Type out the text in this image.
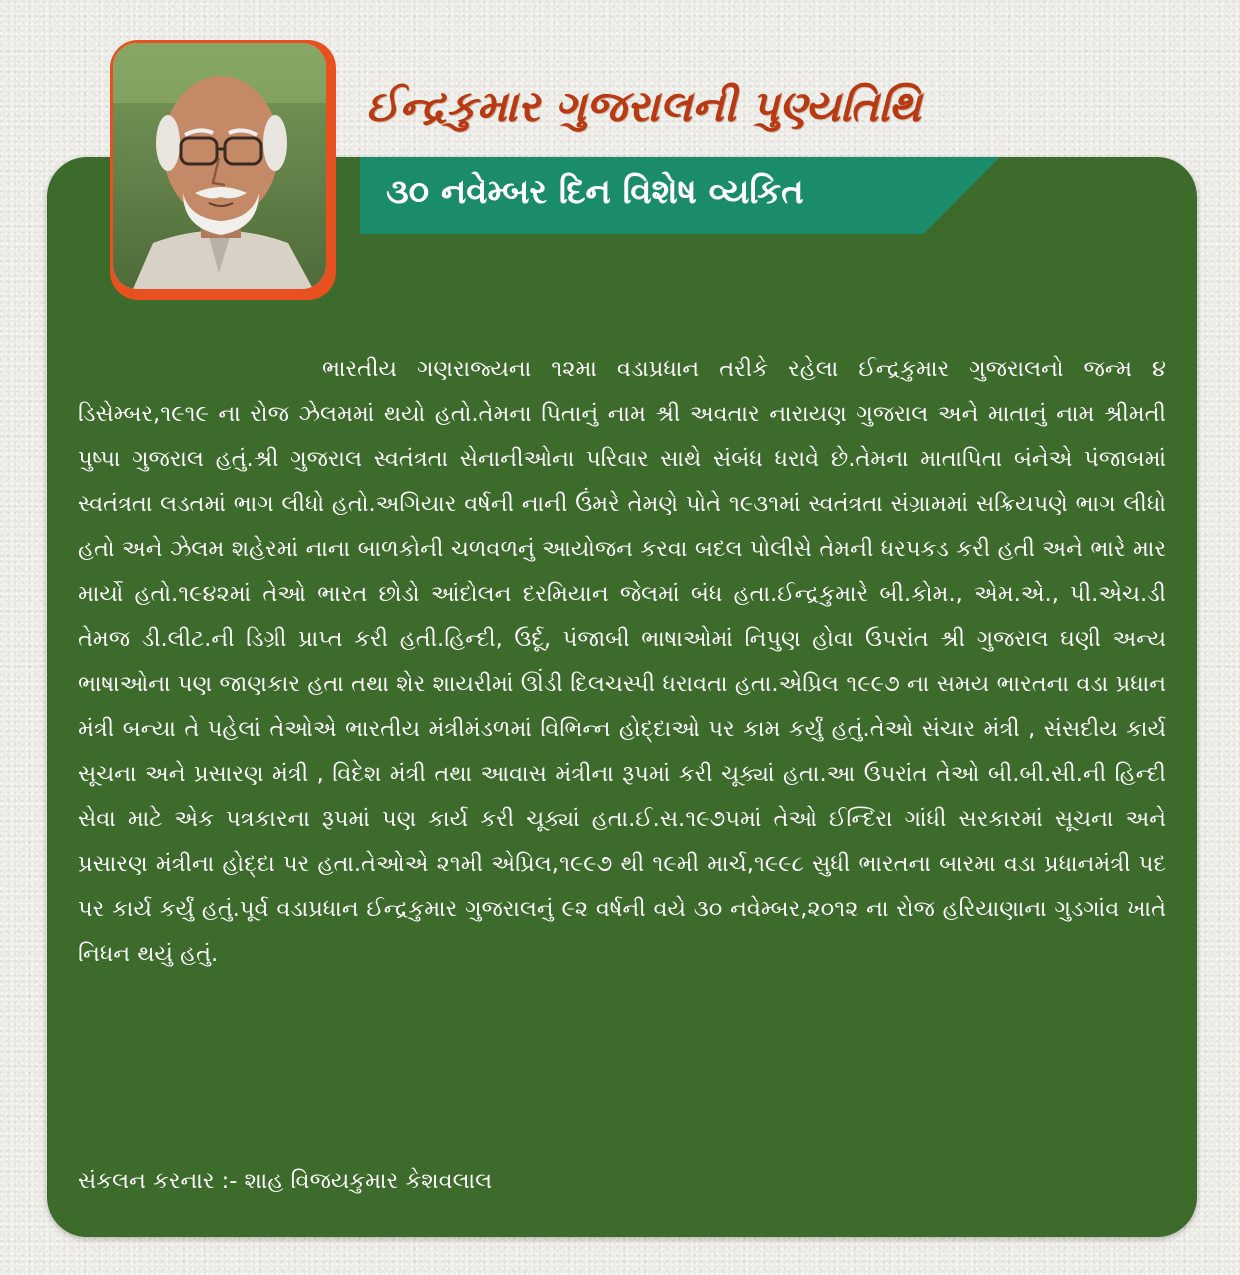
ઈન્દ્રકુમાર ગુજરાલની પુણ્યતિથિ
૩૦ નવેમ્બર દિન વિશેષ વ્યકિત

ભારતીય ગણરાજ્યના ૧૨મા વડાપ્રધાન તરીકે રહેલા ઈન્દ્રકુમાર ગુજરાલનો જન્મ ૪ ડિસેમ્બર,૧૯૧૯ ના રોજ ઝેલમમાં થયો હતો.તેમના પિતાનું નામ શ્રી અવતાર નારાયણ ગુજરાલ અને માતાનું નામ શ્રીમતી પુષ્પા ગુજરાલ હતું.શ્રી ગુજરાલ સ્વતંત્રતા સેનાનીઓના પરિવાર સાથે સંબંધ ધરાવે છે.તેમના માતાપિતા બંનેએ પંજાબમાં સ્વતંત્રતા લડતમાં ભાગ લીધો હતો.અગિયાર વર્ષની નાની ઉંમરે તેમણે પોતે ૧૯૩૧માં સ્વતંત્રતા સંગ્રામમાં સક્રિયપણે ભાગ લીધો હતો અને ઝેલમ શહેરમાં નાના બાળકોની ચળવળનું આયોજન કરવા બદલ પોલીસે તેમની ધરપકડ કરી હતી અને ભારે માર માર્યો હતો.૧૯૪૨માં તેઓ ભારત છોડો આંદોલન દરમિયાન જેલમાં બંધ હતા.ઈન્દ્રકુમારે બી.કોમ., એમ.એ., પી.એચ.ડી તેમજ ડી.લીટ.ની ડિગ્રી પ્રાપ્ત કરી હતી.હિન્દી, ઉર્દૂ, પંજાબી ભાષાઓમાં નિપુણ હોવા ઉપરાંત શ્રી ગુજરાલ ઘણી અન્ય ભાષાઓના પણ જાણકાર હતા તથા શેર શાયરીમાં ઊંડી દિલચસ્પી ધરાવતા હતા.એપ્રિલ ૧૯૯૭ ના સમય ભારતના વડા પ્રધાન મંત્રી બન્યા તે પહેલાં તેઓએ ભારતીય મંત્રીમંડળમાં વિભિન્ન હોદ્દાઓ પર કામ કર્યું હતું.તેઓ સંચાર મંત્રી , સંસદીય કાર્ય સૂચના અને પ્રસારણ મંત્રી , વિદેશ મંત્રી તથા આવાસ મંત્રીના રૂપમાં કરી ચૂક્યાં હતા.આ ઉપરાંત તેઓ બી.બી.સી.ની હિન્દી સેવા માટે એક પત્રકારના રૂપમાં પણ કાર્ય કરી ચૂક્યાં હતા.ઈ.સ.૧૯૭૫માં તેઓ ઈન્દિરા ગાંધી સરકારમાં સૂચના અને પ્રસારણ મંત્રીના હોદ્દા પર હતા.તેઓએ ૨૧મી એપ્રિલ,૧૯૯૭ થી ૧૯મી માર્ચ,૧૯૯૮ સુધી ભારતના બારમા વડા પ્રધાનમંત્રી પદ પર કાર્ય કર્યું હતું.પૂર્વ વડાપ્રધાન ઈન્દ્રકુમાર ગુજરાલનું ૯૨ વર્ષની વયે ૩૦ નવેમ્બર,૨૦૧૨ ના રોજ હરિયાણાના ગુડગાંવ ખાતે નિધન થયું હતું.

સંકલન કરનાર :- શાહ વિજયકુમાર કેશવલાલ
